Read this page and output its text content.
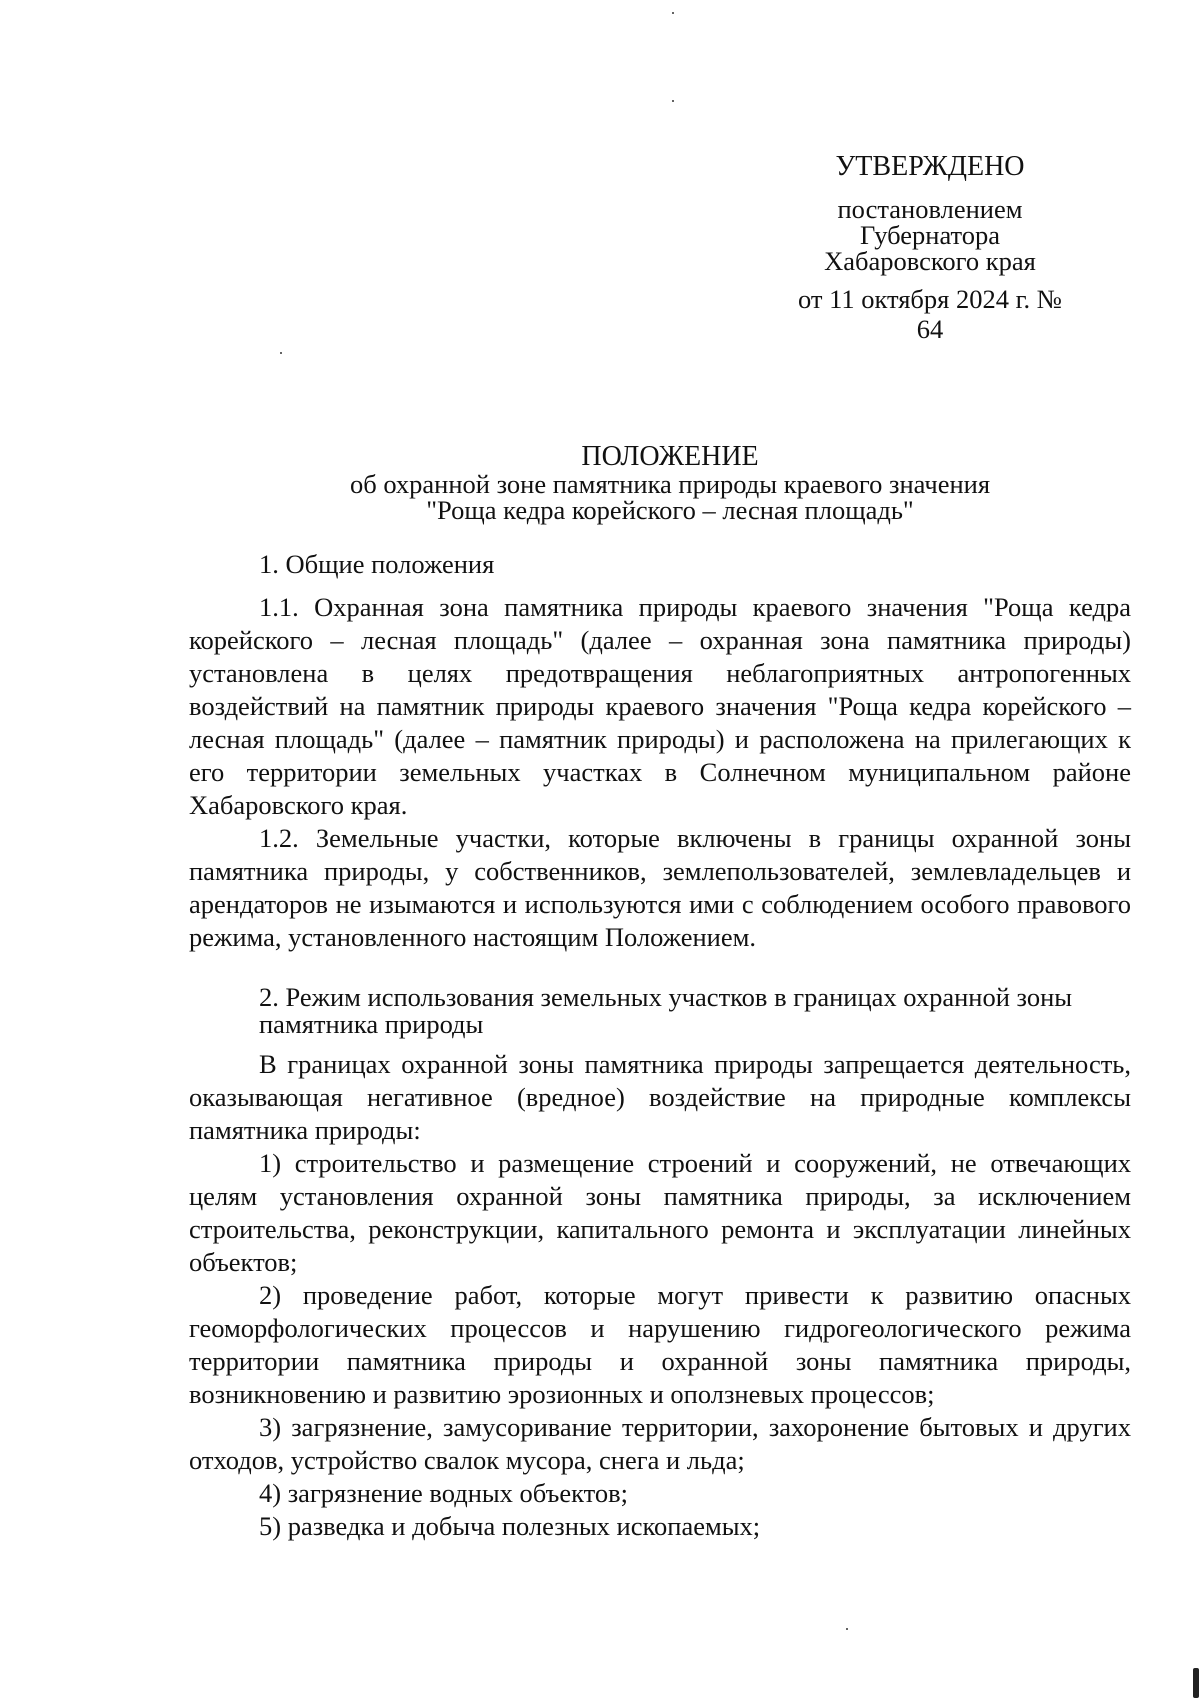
УТВЕРЖДЕНО
постановлением
Губернатора
Хабаровского края
от 11 октября 2024 г. № 64
ПОЛОЖЕНИЕ
об охранной зоне памятника природы краевого значения
"Роща кедра корейского – лесная площадь"
1. Общие положения

1.1. Охранная зона памятника природы краевого значения "Роща кедра корейского – лесная площадь" (далее – охранная зона памятника природы) установлена в целях предотвращения неблагоприятных антропогенных воздействий на памятник природы краевого значения "Роща кедра корейского – лесная площадь" (далее – памятник природы) и расположена на прилегающих к его территории земельных участках в Солнечном муниципальном районе Хабаровского края.

1.2. Земельные участки, которые включены в границы охранной зоны памятника природы, у собственников, землепользователей, землевладельцев и арендаторов не изымаются и используются ими с соблюдением особого правового режима, установленного настоящим Положением.

2. Режим использования земельных участков в границах охранной зоны памятника природы

В границах охранной зоны памятника природы запрещается деятельность, оказывающая негативное (вредное) воздействие на природные комплексы памятника природы:

1) строительство и размещение строений и сооружений, не отвечающих целям установления охранной зоны памятника природы, за исключением строительства, реконструкции, капитального ремонта и эксплуатации линейных объектов;

2) проведение работ, которые могут привести к развитию опасных геоморфологических процессов и нарушению гидрогеологического режима территории памятника природы и охранной зоны памятника природы, возникновению и развитию эрозионных и оползневых процессов;

3) загрязнение, замусоривание территории, захоронение бытовых и других отходов, устройство свалок мусора, снега и льда;

4) загрязнение водных объектов;

5) разведка и добыча полезных ископаемых;
